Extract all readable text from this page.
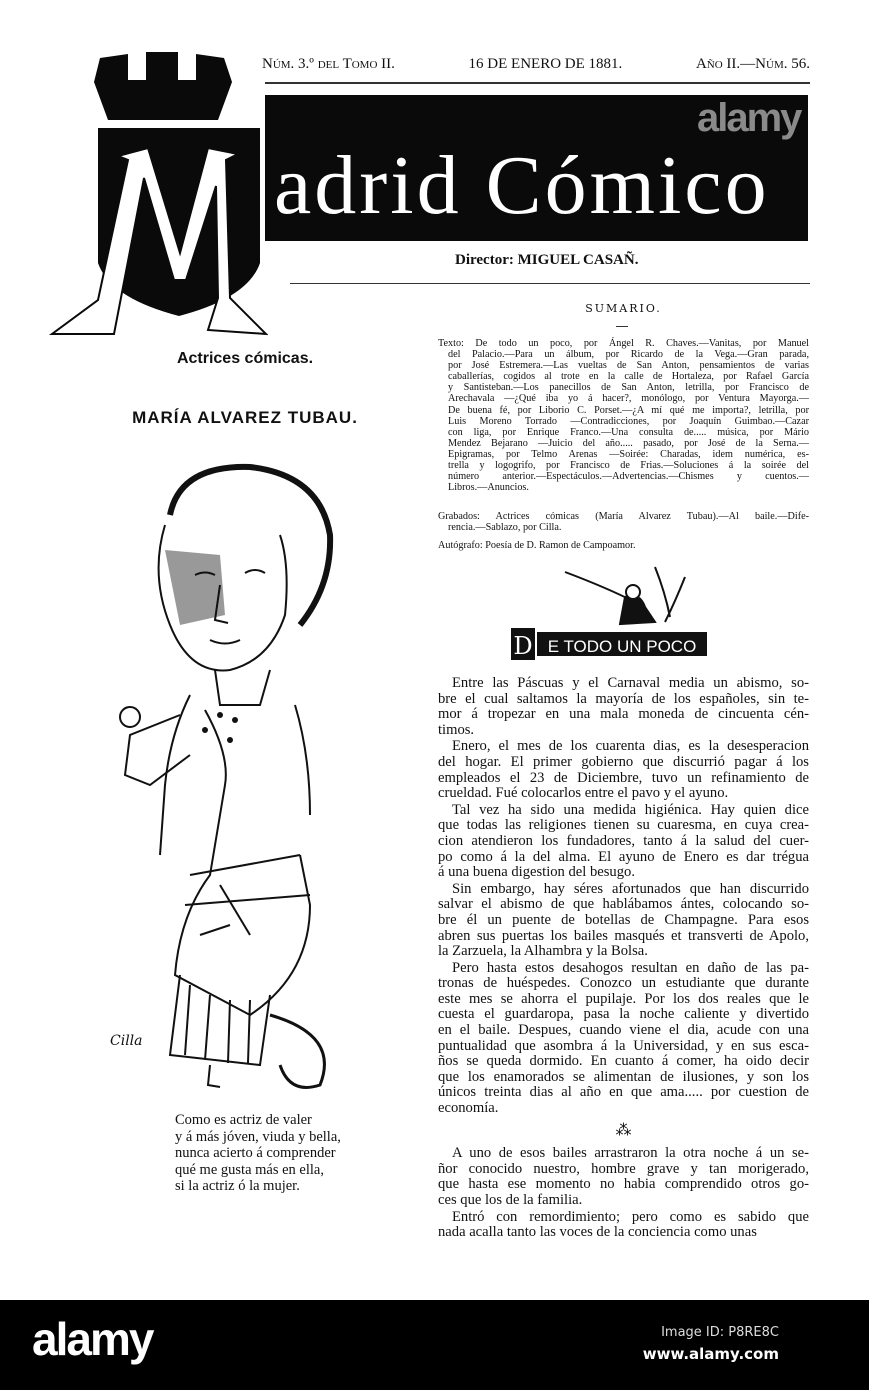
Núm. 3.º del Tomo II.	16 DE ENERO DE 1881.	Año II.—Núm. 56.
adrid Cómico
alamy
Director: MIGUEL CASAÑ.
Actrices cómicas.
MARÍA ALVAREZ TUBAU.
Cilla
Como es actriz de valer
y á más jóven, viuda y bella,
nunca acierto á comprender
qué me gusta más en ella,
si la actriz ó la mujer.
SUMARIO.
Texto: De todo un poco, por Ángel R. Chaves.—Vanitas, por Manuel
del Palacio.—Para un álbum, por Ricardo de la Vega.—Gran parada,
por José Estremera.—Las vueltas de San Anton, pensamientos de varias
caballerías, cogidos al trote en la calle de Hortaleza, por Rafael García
y Santisteban.—Los panecillos de San Anton, letrilla, por Francisco de
Arechavala —¿Qué iba yo á hacer?, monólogo, por Ventura Mayorga.—
De buena fé, por Liborio C. Porset.—¿A mí qué me importa?, letrilla, por
Luis Moreno Torrado —Contradicciones, por Joaquín Guimbao.—Cazar
con liga, por Enrique Franco.—Una consulta de..... música, por Mário
Mendez Bejarano —Juicio del año..... pasado, por José de la Serna.—
Epigramas, por Telmo Arenas —Soirée: Charadas, idem numérica, es-
trella y logogrifo, por Francisco de Frias.—Soluciones á la soirée del
número anterior.—Espectáculos.—Advertencias.—Chismes y cuentos.—
Libros.—Anuncios.
Grabados: Actrices cómicas (María Alvarez Tubau).—Al baile.—Dife-
rencia.—Sablazo, por Cilla.
Autógrafo: Poesía de D. Ramon de Campoamor.
D E TODO UN POCO
Entre las Páscuas y el Carnaval media un abismo, so-
bre el cual saltamos la mayoría de los españoles, sin te-
mor á tropezar en una mala moneda de cincuenta cén-
timos.
Enero, el mes de los cuarenta dias, es la desesperacion
del hogar. El primer gobierno que discurrió pagar á los
empleados el 23 de Diciembre, tuvo un refinamiento de
crueldad. Fué colocarlos entre el pavo y el ayuno.
Tal vez ha sido una medida higiénica. Hay quien dice
que todas las religiones tienen su cuaresma, en cuya crea-
cion atendieron los fundadores, tanto á la salud del cuer-
po como á la del alma. El ayuno de Enero es dar trégua
á una buena digestion del besugo.
Sin embargo, hay séres afortunados que han discurrido
salvar el abismo de que hablábamos ántes, colocando so-
bre él un puente de botellas de Champagne. Para esos
abren sus puertas los bailes masqués et transverti de Apolo,
la Zarzuela, la Alhambra y la Bolsa.
Pero hasta estos desahogos resultan en daño de las pa-
tronas de huéspedes. Conozco un estudiante que durante
este mes se ahorra el pupilaje. Por los dos reales que le
cuesta el guardaropa, pasa la noche caliente y divertido
en el baile. Despues, cuando viene el dia, acude con una
puntualidad que asombra á la Universidad, y en sus esca-
ños se queda dormido. En cuanto á comer, ha oido decir
que los enamorados se alimentan de ilusiones, y son los
únicos treinta dias al año en que ama..... por cuestion de
economía.
⁂
A uno de esos bailes arrastraron la otra noche á un se-
ñor conocido nuestro, hombre grave y tan morigerado,
que hasta ese momento no habia comprendido otros go-
ces que los de la familia.
Entró con remordimiento; pero como es sabido que
nada acalla tanto las voces de la conciencia como unas
alamy	Image ID: P8RE8C
www.alamy.com
